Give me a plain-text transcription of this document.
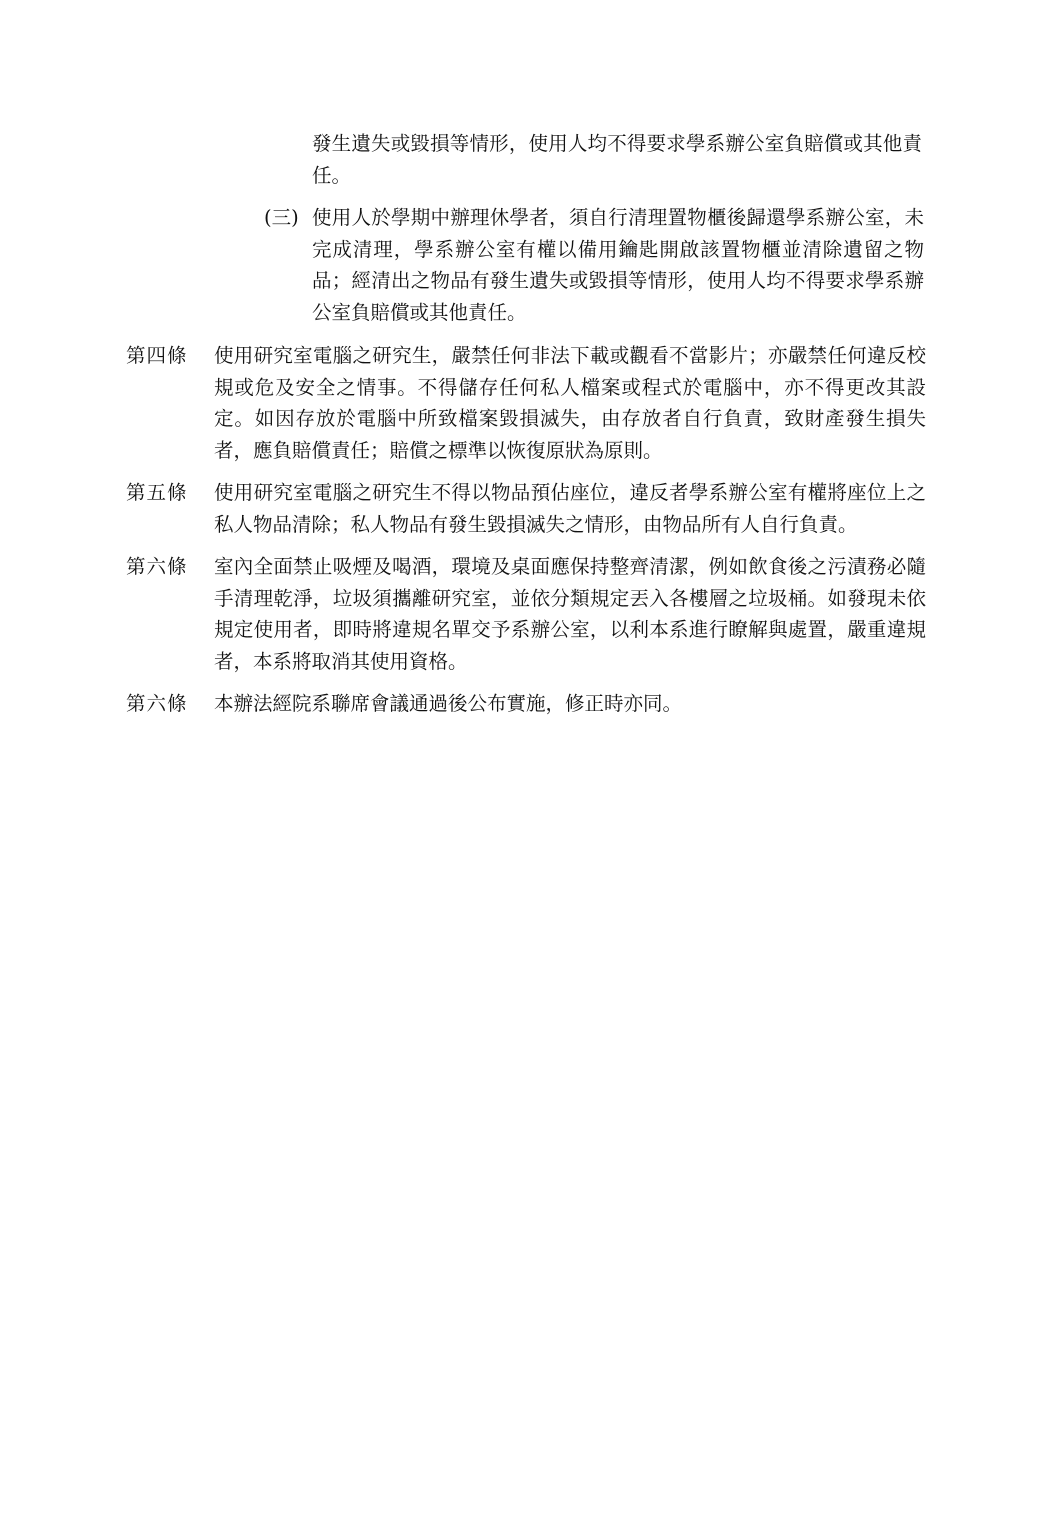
發生遺失或毀損等情形，使用人均不得要求學系辦公室負賠償或其他責任。
(三) 使用人於學期中辦理休學者，須自行清理置物櫃後歸還學系辦公室，未完成清理，學系辦公室有權以備用鑰匙開啟該置物櫃並清除遺留之物品；經清出之物品有發生遺失或毀損等情形，使用人均不得要求學系辦公室負賠償或其他責任。
第四條	使用研究室電腦之研究生，嚴禁任何非法下載或觀看不當影片；亦嚴禁任何違反校規或危及安全之情事。不得儲存任何私人檔案或程式於電腦中，亦不得更改其設定。如因存放於電腦中所致檔案毀損滅失，由存放者自行負責，致財產發生損失者，應負賠償責任；賠償之標準以恢復原狀為原則。
第五條	使用研究室電腦之研究生不得以物品預佔座位，違反者學系辦公室有權將座位上之私人物品清除；私人物品有發生毀損滅失之情形，由物品所有人自行負責。
第六條	室內全面禁止吸煙及喝酒，環境及桌面應保持整齊清潔，例如飲食後之污漬務必隨手清理乾淨，垃圾須攜離研究室，並依分類規定丟入各樓層之垃圾桶。如發現未依規定使用者，即時將違規名單交予系辦公室，以利本系進行瞭解與處置，嚴重違規者，本系將取消其使用資格。
第六條	本辦法經院系聯席會議通過後公布實施，修正時亦同。
